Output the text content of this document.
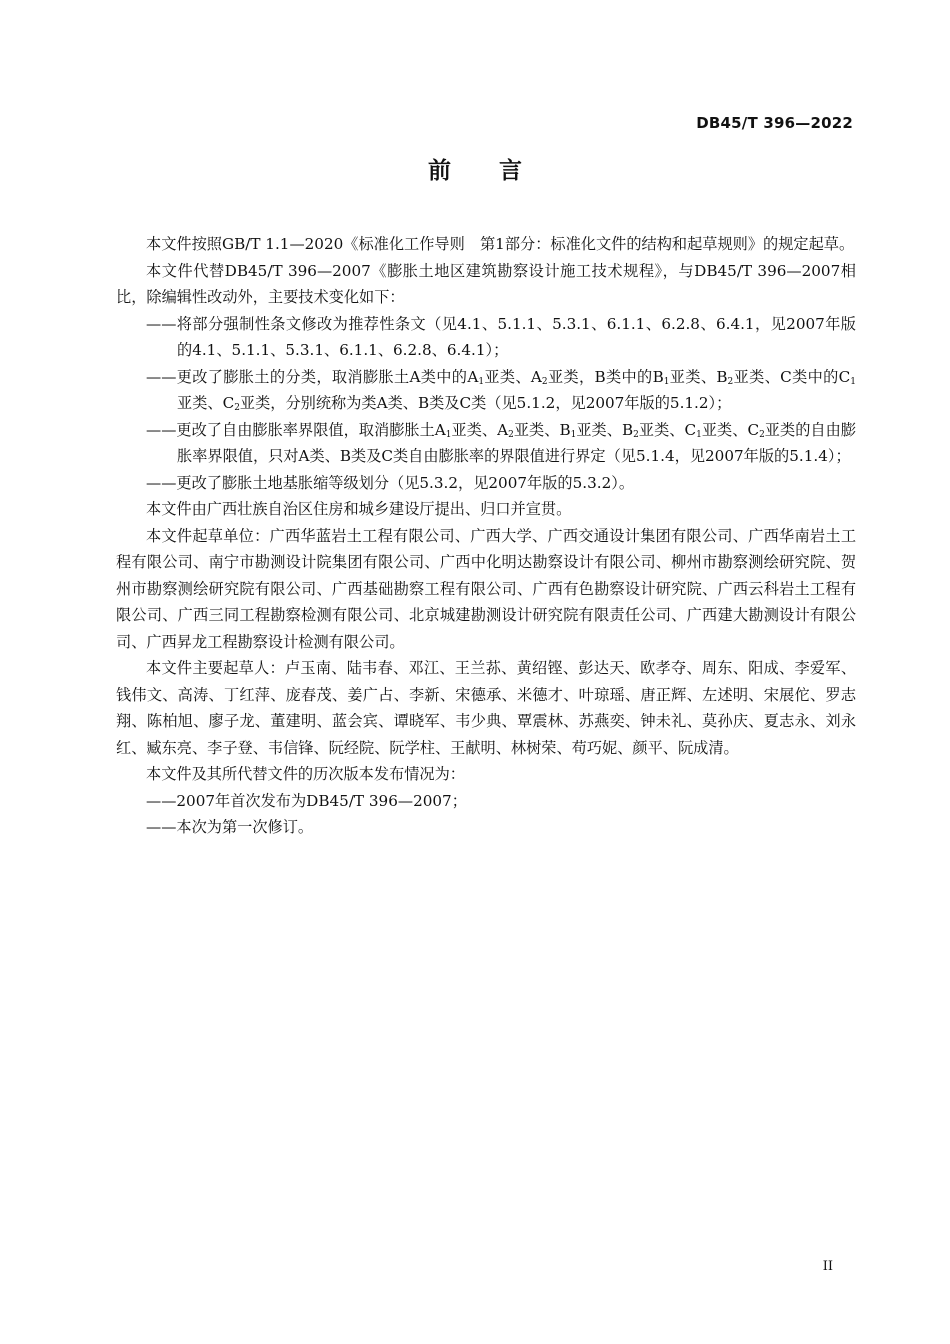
DB45/T 396—2022
前 言

本文件按照GB/T 1.1—2020《标准化工作导则　第1部分：标准化文件的结构和起草规则》的规定起草。

本文件代替DB45/T 396—2007《膨胀土地区建筑勘察设计施工技术规程》，与DB45/T 396—2007相比，除编辑性改动外，主要技术变化如下：

——将部分强制性条文修改为推荐性条文（见4.1、5.1.1、5.3.1、6.1.1、6.2.8、6.4.1，见2007年版的4.1、5.1.1、5.3.1、6.1.1、6.2.8、6.4.1）；

——更改了膨胀土的分类，取消膨胀土A类中的$A_1$亚类、$A_2$亚类，B类中的$B_1$亚类、$B_2$亚类、C类中的$C_1$亚类、$C_2$亚类，分别统称为类A类、B类及C类（见5.1.2，见2007年版的5.1.2）；

——更改了自由膨胀率界限值，取消膨胀土$A_1$亚类、$A_2$亚类、$B_1$亚类、$B_2$亚类、$C_1$亚类、$C_2$亚类的自由膨胀率界限值，只对A类、B类及C类自由膨胀率的界限值进行界定（见5.1.4，见2007年版的5.1.4）；

——更改了膨胀土地基胀缩等级划分（见5.3.2，见2007年版的5.3.2）。

本文件由广西壮族自治区住房和城乡建设厅提出、归口并宣贯。

本文件起草单位：广西华蓝岩土工程有限公司、广西大学、广西交通设计集团有限公司、广西华南岩土工程有限公司、南宁市勘测设计院集团有限公司、广西中化明达勘察设计有限公司、柳州市勘察测绘研究院、贺州市勘察测绘研究院有限公司、广西基础勘察工程有限公司、广西有色勘察设计研究院、广西云科岩土工程有限公司、广西三同工程勘察检测有限公司、北京城建勘测设计研究院有限责任公司、广西建大勘测设计有限公司、广西昇龙工程勘察设计检测有限公司。

本文件主要起草人：卢玉南、陆韦春、邓江、王兰荪、黄绍铿、彭达天、欧孝夺、周东、阳成、李爱军、钱伟文、高涛、丁红萍、庞春茂、姜广占、李新、宋德承、米德才、叶琼瑶、唐正辉、左述明、宋展佗、罗志翔、陈柏旭、廖子龙、董建明、蓝会宾、谭晓军、韦少典、覃震林、苏燕奕、钟未礼、莫孙庆、夏志永、刘永红、臧东亮、李子登、韦信锋、阮经院、阮学柱、王献明、林树荣、苟巧妮、颜平、阮成清。

本文件及其所代替文件的历次版本发布情况为：

——2007年首次发布为DB45/T 396—2007；

——本次为第一次修订。

II
